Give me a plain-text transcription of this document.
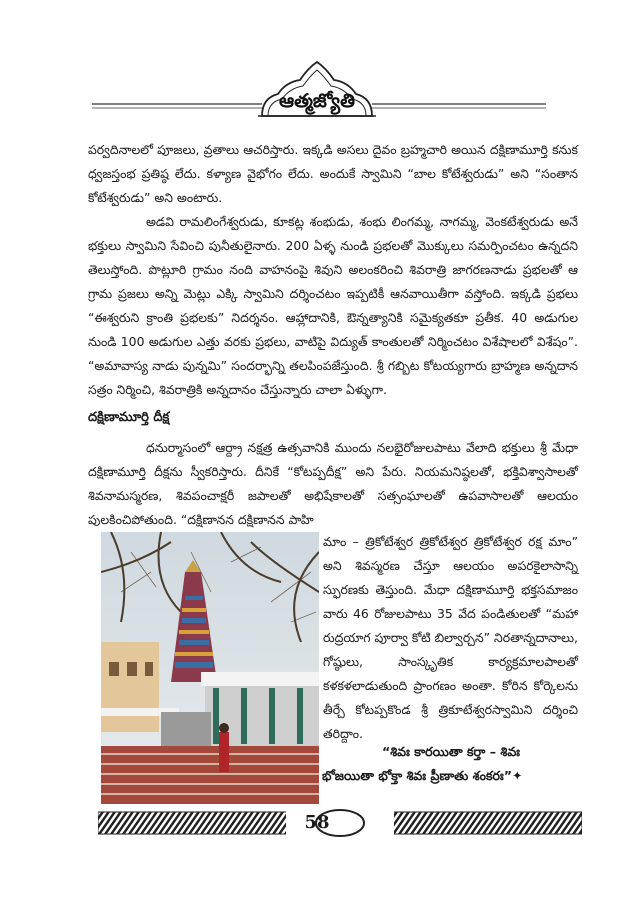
ఆత్మజ్యోతి

పర్వదినాలలో పూజలు, వ్రతాలు ఆచరిస్తారు. ఇక్కడి అసలు దైవం బ్రహ్మచారి అయిన దక్షిణామూర్తి కనుక ధ్వజస్తంభ ప్రతిష్ఠ లేదు. కళ్యాణ వైభోగం లేదు. అందుకే స్వామిని “బాల కోటేశ్వరుడు” అని “సంతాన కోటేశ్వరుడు” అని అంటారు.

అడవి రామలింగేశ్వరుడు, కూకట్ల శంభుడు, శంభు లింగమ్మ, నాగమ్మ, వెంకటేశ్వరుడు అనే భక్తులు స్వామిని సేవించి పునీతులైనారు. 200 ఏళ్ళ నుండి ప్రభలతో మొక్కులు సమర్పించటం ఉన్నదని తెలుస్తోంది. పొట్లూరి గ్రామం నంది వాహనంపై శివుని అలంకరించి శివరాత్రి జాగరణనాడు ప్రభలతో ఆ గ్రామ ప్రజలు అన్ని మెట్లు ఎక్కి స్వామిని దర్శించటం ఇప్పటికీ ఆనవాయితీగా వస్తోంది. ఇక్కడి ప్రభలు “ఈశ్వరుని క్రాంతి ప్రభలకు” నిదర్శనం. ఆహ్లాదానికి, ఔన్నత్యానికి సమైక్యతకూ ప్రతీక. 40 అడుగుల నుండి 100 అడుగుల ఎత్తు వరకు ప్రభలు, వాటిపై విద్యుత్ కాంతులతో నిర్మించటం విశేషాలలో విశేషం”. “అమావాస్య నాడు పున్నమి” సందర్భాన్ని తలపింపజేస్తుంది. శ్రీ గబ్బిట కోటయ్యగారు బ్రాహ్మణ అన్నదాన సత్రం నిర్మించి, శివరాత్రికి అన్నదానం చేస్తున్నారు చాలా ఏళ్ళుగా.

దక్షిణామూర్తి దీక్ష

ధనుర్మాసంలో ఆర్ద్రా నక్షత్ర ఉత్సవానికి ముందు నలభైరోజులపాటు వేలాది భక్తులు శ్రీ మేధా దక్షిణామూర్తి దీక్షను స్వీకరిస్తారు. దీనికే “కోటప్పదీక్ష” అని పేరు. నియమనిష్ఠలతో, భక్తివిశ్వాసాలతో శివనామస్మరణ, శివపంచాక్షరీ జపాలతో అభిషేకాలతో సత్సంఘాలతో ఉపవాసాలతో ఆలయం పులకించిపోతుంది. “దక్షిణానన దక్షిణానన పాహి

మాం – త్రికోటేశ్వర త్రికోటేశ్వర త్రికోటేశ్వర రక్ష మాం” అని శివస్మరణ చేస్తూ ఆలయం అపరకైలాసాన్ని స్ఫురణకు తెస్తుంది. మేధా దక్షిణామూర్తి భక్తసమాజం వారు 46 రోజులపాటు 35 వేద పండితులతో “మహా రుద్రయాగ పూర్వా కోటి బిల్వార్చన” నిరతాన్నదానాలు, గోష్ఠులు, సాంస్కృతిక కార్యక్రమాలపాలతో కళకళలాడుతుంది ప్రాంగణం అంతా. కోరిన కోర్కెలను తీర్చే కోటప్పకొండ శ్రీ త్రికూటేశ్వరస్వామిని దర్శించి తరిద్దాం.
“శివః కారయితా కర్తా – శివః
భోజయితా భోక్తా శివః ప్రీణాతు శంకరః”✦
58
